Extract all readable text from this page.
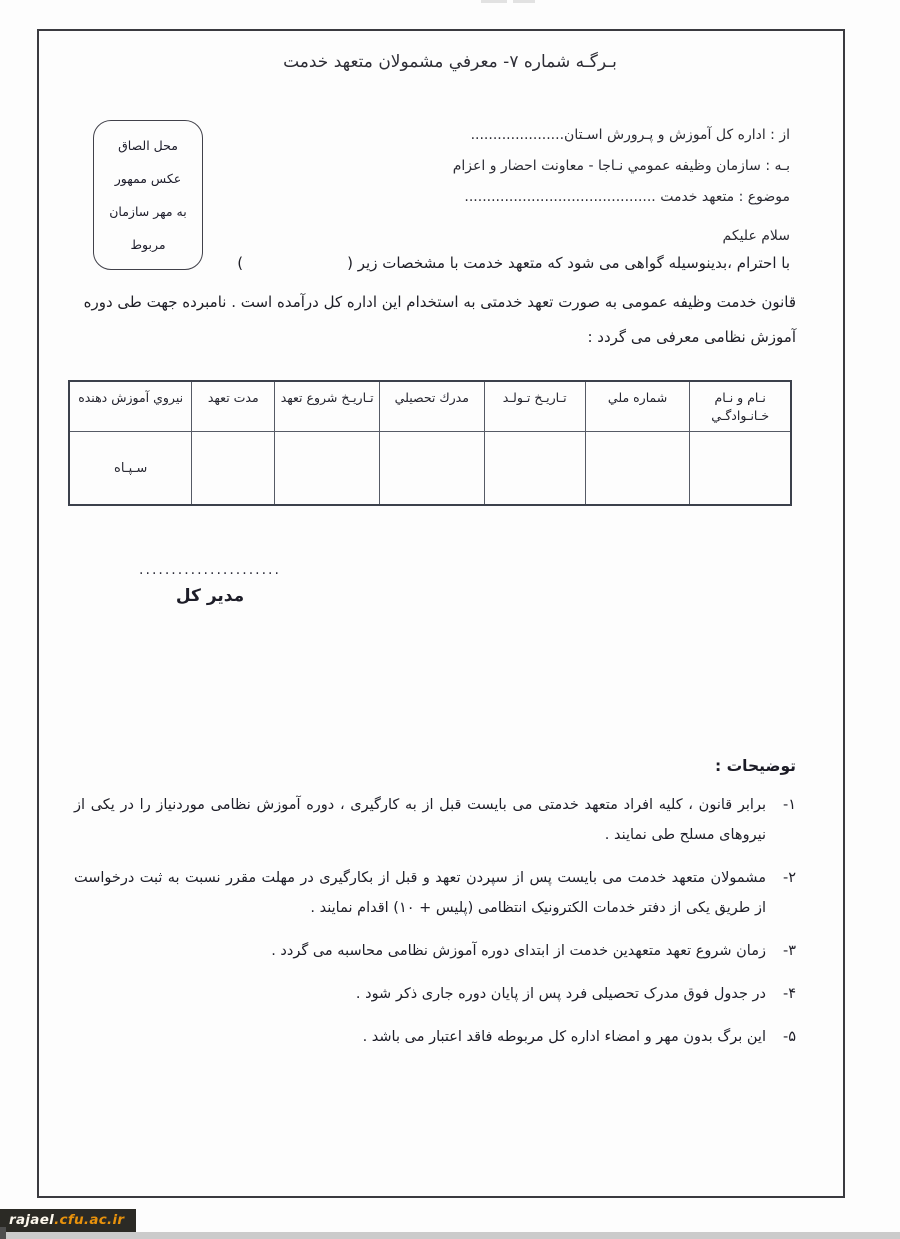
بـرگـه شماره ۷- معرفي مشمولان متعهد خدمت
محل الصاق
عكس ممهور
به مهر سازمان
مربوط
از : اداره كل آموزش و پـرورش اسـتان.....................
بـه : سازمان وظيفه عمومي نـاجا - معاونت احضار و اعزام
موضوع : متعهد خدمت ...........................................
سلام عليكم
با احترام ،بدینوسیله گواهی می شود که متعهد خدمت با مشخصات زیر ()
قانون خدمت وظیفه عمومی به صورت تعهد خدمتی به استخدام این اداره کل درآمده است . نامبرده جهت طی دوره
آموزش نظامی معرفی می گردد :
نـام و نـام خـانـوادگـي	شماره ملي	تـاريـخ تـولـد	مدرك تحصيلي	تـاريـخ شروع تعهد	مدت تعهد	نيروي آموزش دهنده
						سـپـاه
......................
مدیر کل
توضیحات :
۱-
برابر قانون ، کلیه افراد متعهد خدمتی می بایست قبل از به کارگیری ، دوره آموزش نظامی موردنیاز را در یکی از نیروهای مسلح طی نمایند .
۲-
مشمولان متعهد خدمت می بایست پس از سپردن تعهد و قبل از بکارگیری در مهلت مقرر نسبت به ثبت درخواست از طریق یکی از دفتر خدمات الکترونیک انتظامی (پلیس + ۱۰) اقدام نمایند .
۳-
زمان شروع تعهد متعهدین خدمت از ابتدای دوره آموزش نظامی محاسبه می گردد .
۴-
در جدول فوق مدرک تحصیلی فرد پس از پایان دوره جاری ذکر شود .
۵-
این برگ بدون مهر و امضاء اداره کل مربوطه فاقد اعتبار می باشد .
rajael.cfu.ac.ir
